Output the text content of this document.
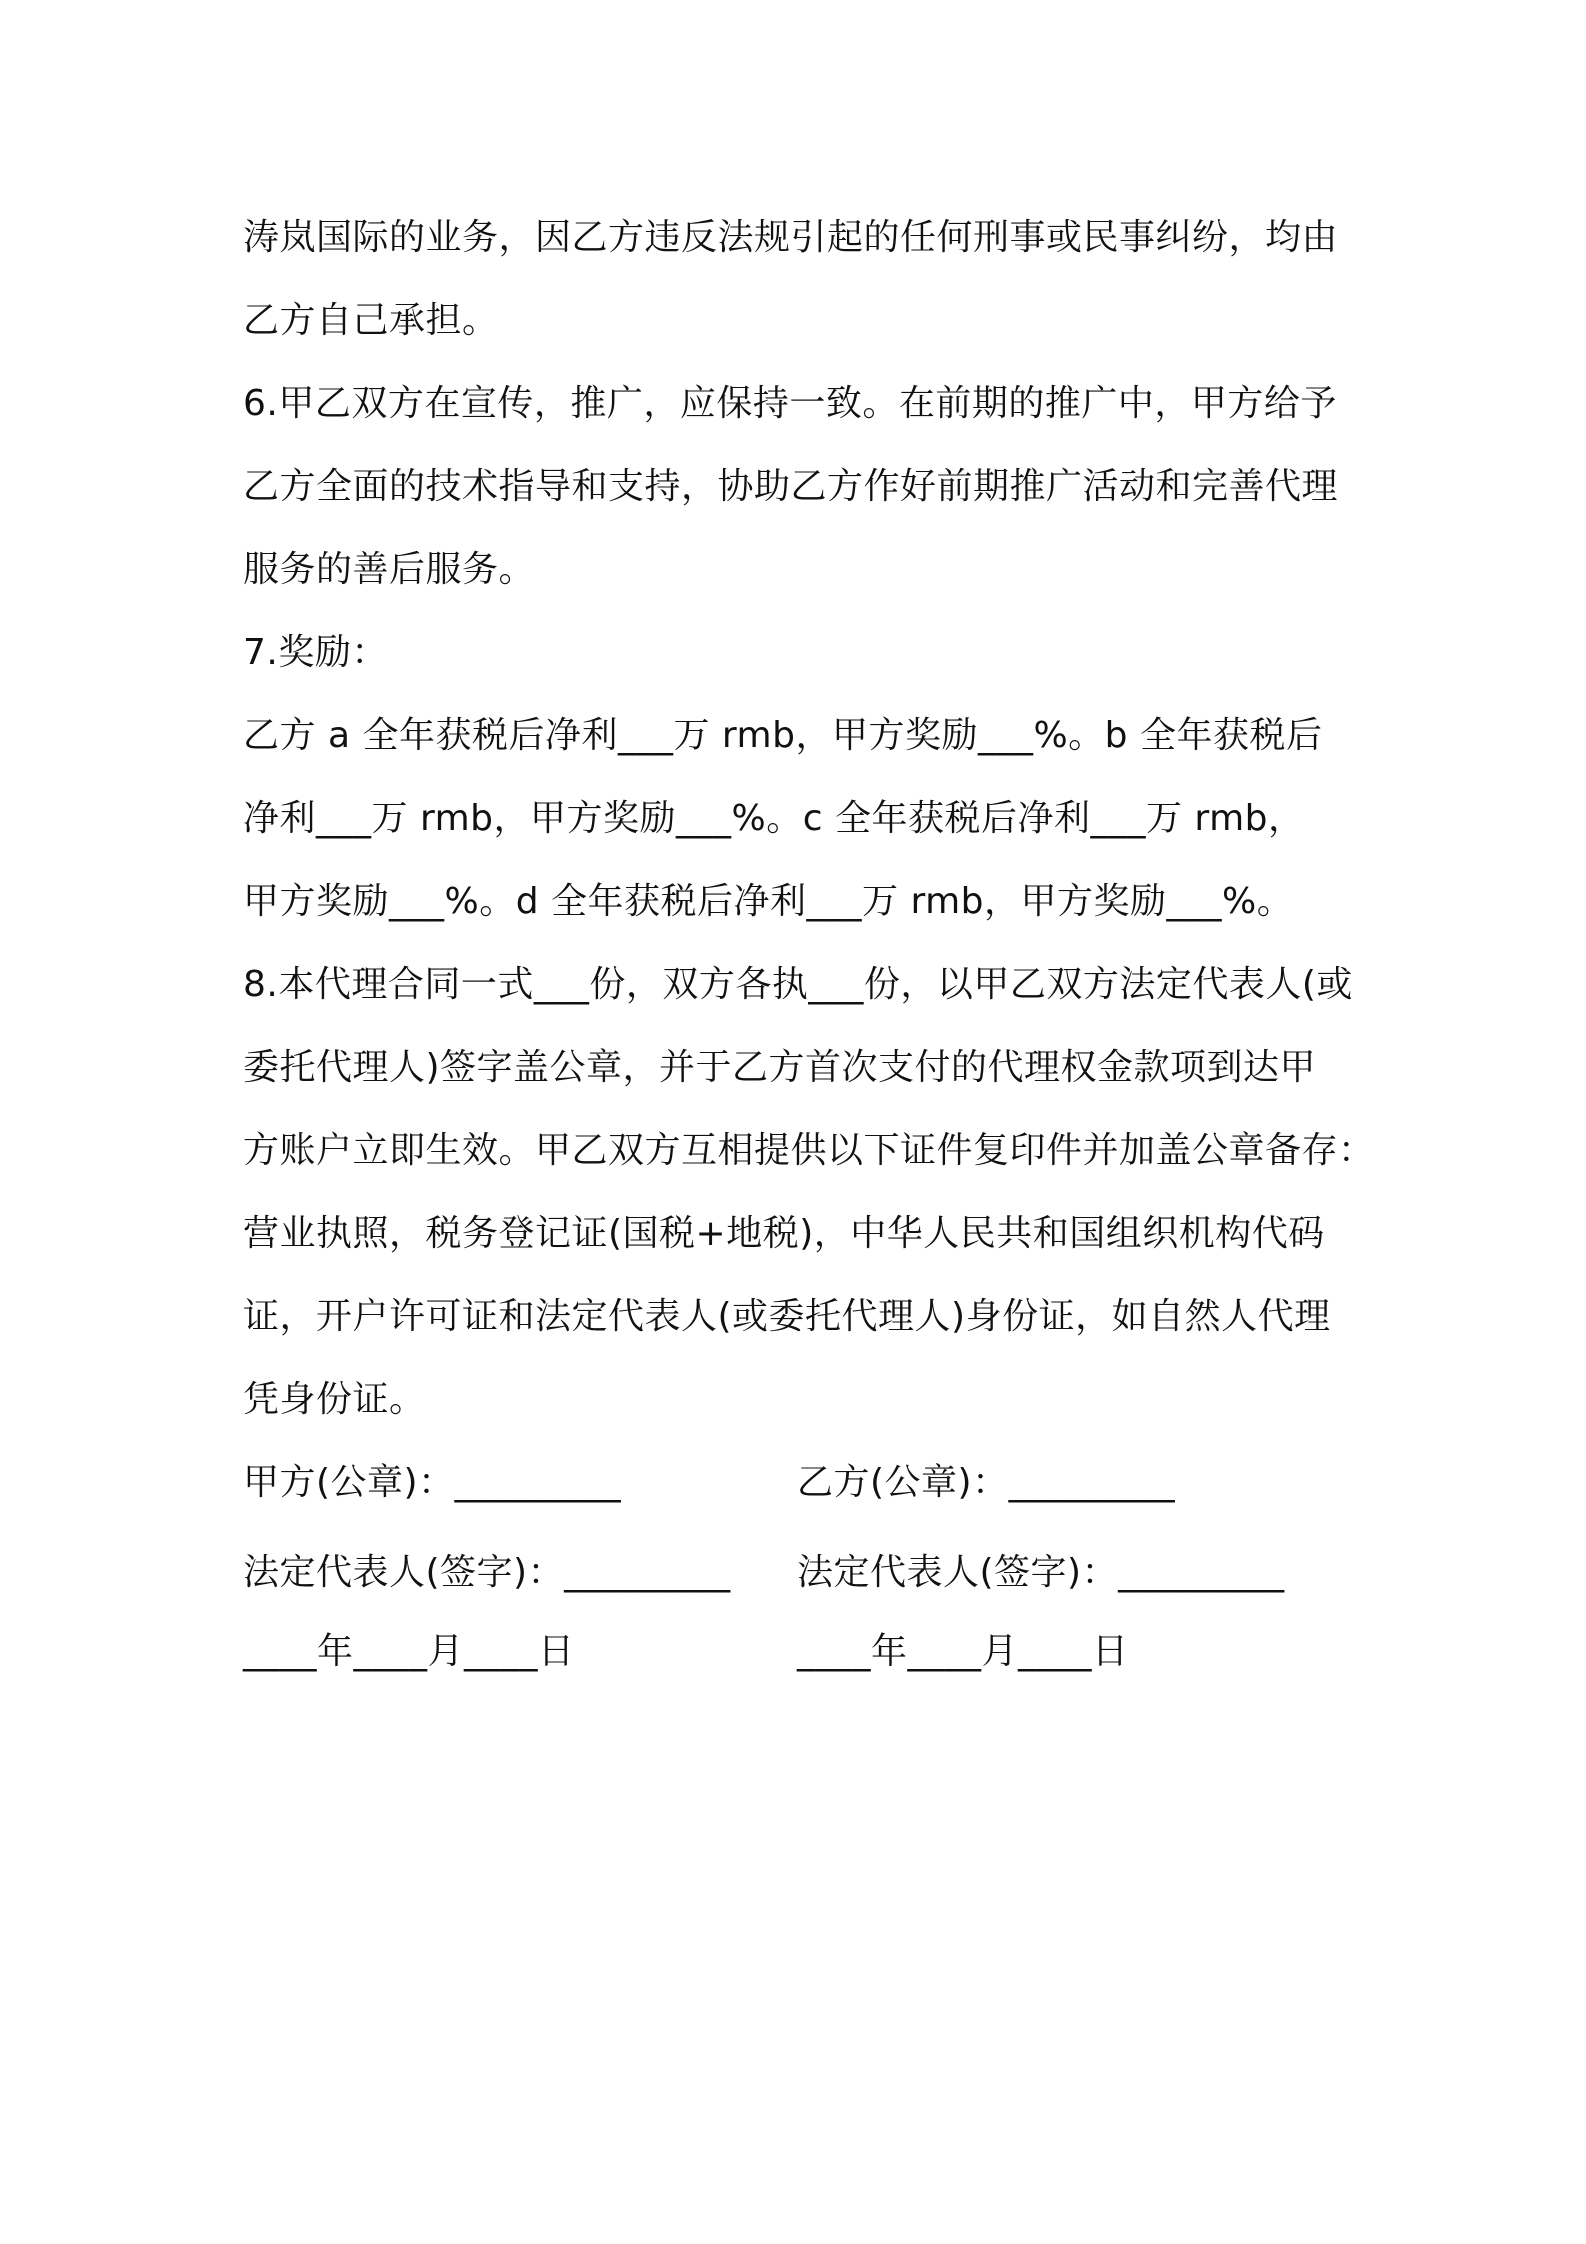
涛岚国际的业务，因乙方违反法规引起的任何刑事或民事纠纷，均由
乙方自己承担。
6.甲乙双方在宣传，推广，应保持一致。在前期的推广中，甲方给予
乙方全面的技术指导和支持，协助乙方作好前期推广活动和完善代理
服务的善后服务。
7.奖励：
乙方 a 全年获税后净利___万 rmb，甲方奖励___%。b 全年获税后
净利___万 rmb，甲方奖励___%。c 全年获税后净利___万 rmb，
甲方奖励___%。d 全年获税后净利___万 rmb，甲方奖励___%。
8.本代理合同一式___份，双方各执___份，以甲乙双方法定代表人(或
委托代理人)签字盖公章，并于乙方首次支付的代理权金款项到达甲
方账户立即生效。甲乙双方互相提供以下证件复印件并加盖公章备存：
营业执照，税务登记证(国税+地税)，中华人民共和国组织机构代码
证，开户许可证和法定代表人(或委托代理人)身份证，如自然人代理
凭身份证。
甲方(公章)：_________	乙方(公章)：_________
法定代表人(签字)：_________ 法定代表人(签字)：_________
____年____月____日	____年____月____日
